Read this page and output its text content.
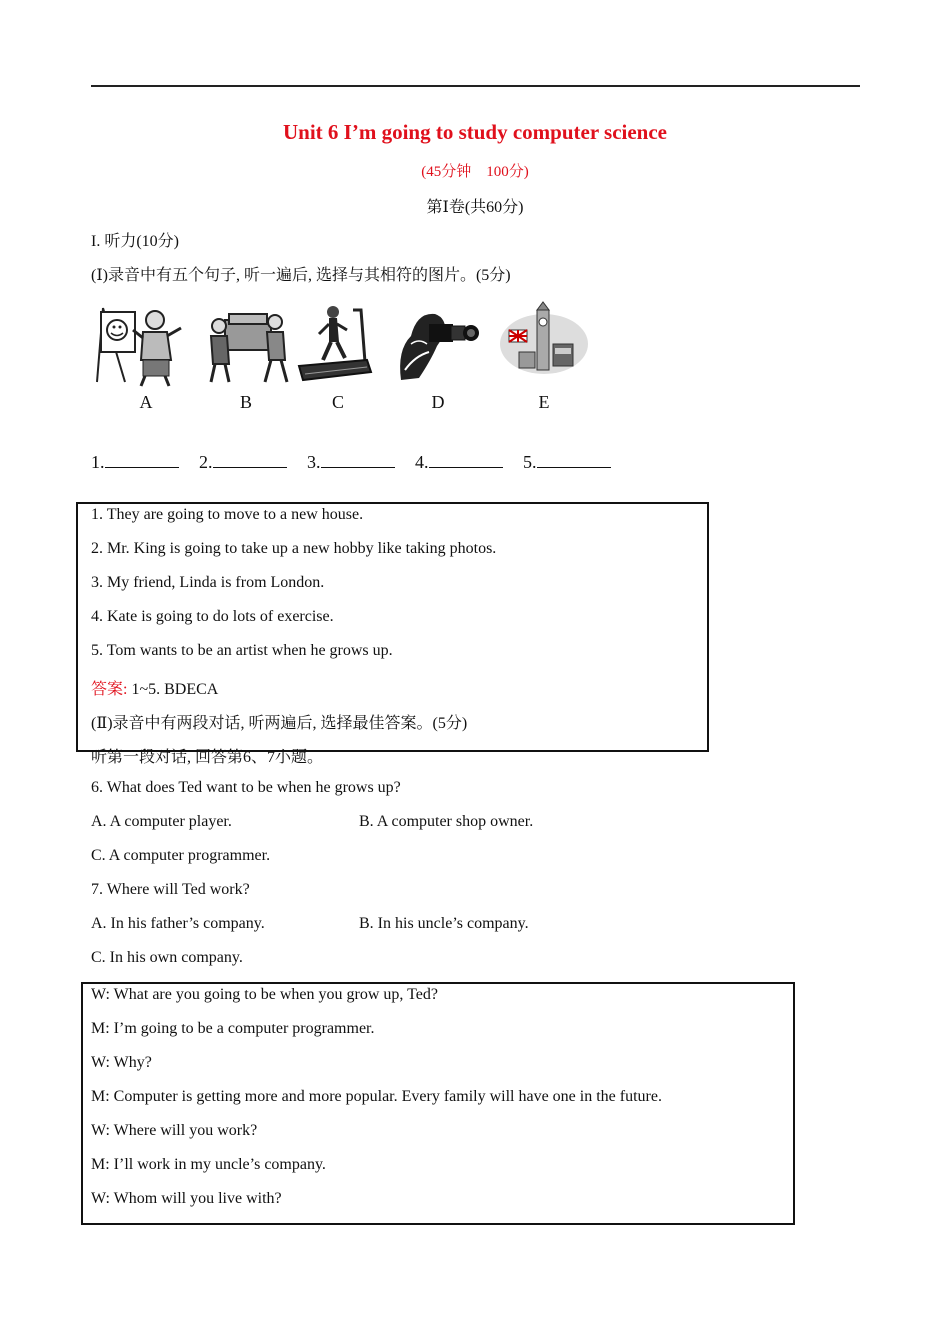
Unit 6 I’m going to study computer science
(45分钟　100分)
第Ⅰ卷(共60分)
I. 听力(10分)
(Ⅰ)录音中有五个句子, 听一遍后, 选择与其相符的图片。(5分)
A	B	C	D	E
1.	2.	3.	4.	5.
1. They are going to move to a new house.
2. Mr. King is going to take up a new hobby like taking photos.
3. My friend, Linda is from London.
4. Kate is going to do lots of exercise.
5. Tom wants to be an artist when he grows up.
答案: 1~5. BDECA
(Ⅱ)录音中有两段对话, 听两遍后, 选择最佳答案。(5分)
听第一段对话, 回答第6、7小题。
6. What does Ted want to be when he grows up?
A. A computer player.	B. A computer shop owner.
C. A computer programmer.
7. Where will Ted work?
A. In his father’s company.	B. In his uncle’s company.
C. In his own company.
W: What are you going to be when you grow up, Ted?
M: I’m going to be a computer programmer.
W: Why?
M: Computer is getting more and more popular. Every family will have one in the future.
W: Where will you work?
M: I’ll work in my uncle’s company.
W: Whom will you live with?
